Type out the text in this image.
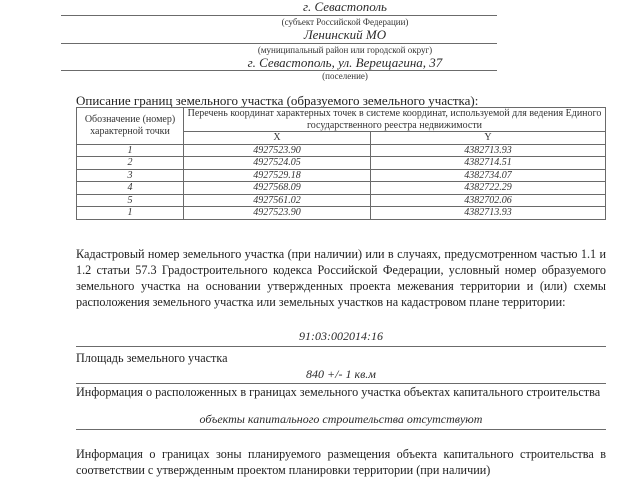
г. Севастополь
(субъект Российской Федерации)
Ленинский МО
(муниципальный район или городской округ)
г. Севастополь, ул. Верещагина, 37
(поселение)
Описание границ земельного участка (образуемого земельного участка):
Обозначение (номер) характерной точки	Перечень координат характерных точек в системе координат, используемой для ведения Единого государственного реестра недвижимости	
	X	Y
1	4927523.90	4382713.93
2	4927524.05	4382714.51
3	4927529.18	4382734.07
4	4927568.09	4382722.29
5	4927561.02	4382702.06
1	4927523.90	4382713.93
Кадастровый номер земельного участка (при наличии) или в случаях, предусмотренном частью 1.1 и 1.2 статьи 57.3 Градостроительного кодекса Российской Федерации, условный номер образуемого земельного участка на основании утвержденных проекта межевания территории и (или) схемы расположения земельного участка или земельных участков на кадастровом плане территории:
91:03:002014:16
Площадь земельного участка
840 +/- 1 кв.м
Информация о расположенных в границах земельного участка объектах капитального строительства
объекты капитального строительства отсутствуют
Информация о границах зоны планируемого размещения объекта капитального строительства в соответствии с утвержденным проектом планировки территории (при наличии)
